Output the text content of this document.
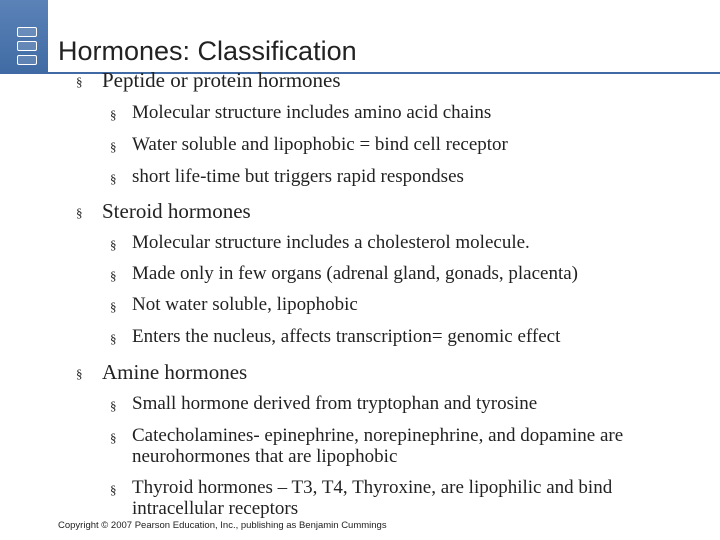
Hormones: Classification
§ Peptide or protein hormones
§ Molecular structure includes amino acid chains
§ Water soluble and lipophobic = bind cell receptor
§ short life-time but triggers rapid respondses
§ Steroid hormones
§ Molecular structure includes a cholesterol molecule.
§ Made only in few organs (adrenal gland, gonads, placenta)
§ Not water soluble, lipophobic
§ Enters the nucleus, affects transcription= genomic effect
§ Amine hormones
§ Small hormone derived from tryptophan and tyrosine
§ Catecholamines- epinephrine, norepinephrine, and dopamine are neurohormones that are lipophobic
§ Thyroid hormones – T3, T4, Thyroxine, are lipophilic and bind intracellular receptors
Copyright © 2007 Pearson Education, Inc., publishing as Benjamin Cummings
